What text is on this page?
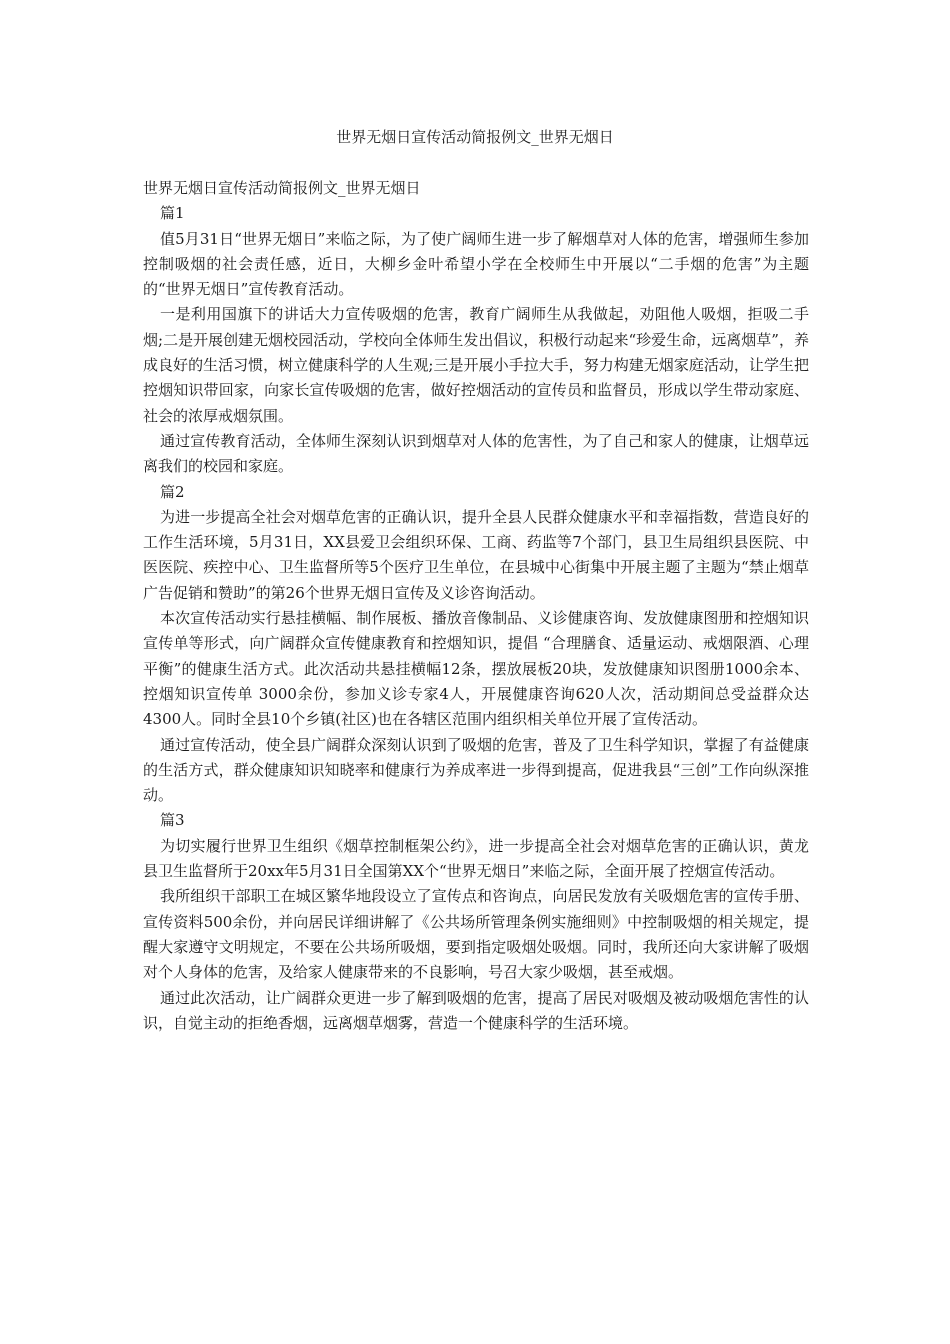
世界无烟日宣传活动简报例文_世界无烟日

世界无烟日宣传活动简报例文_世界无烟日

篇1

值5月31日“世界无烟日”来临之际，为了使广阔师生进一步了解烟草对人体的危害，增强师生参加控制吸烟的社会责任感，近日，大柳乡金叶希望小学在全校师生中开展以“二手烟的危害”为主题的“世界无烟日”宣传教育活动。

一是利用国旗下的讲话大力宣传吸烟的危害，教育广阔师生从我做起，劝阻他人吸烟，拒吸二手烟;二是开展创建无烟校园活动，学校向全体师生发出倡议，积极行动起来“珍爱生命，远离烟草”，养成良好的生活习惯，树立健康科学的人生观;三是开展小手拉大手，努力构建无烟家庭活动，让学生把控烟知识带回家，向家长宣传吸烟的危害，做好控烟活动的宣传员和监督员，形成以学生带动家庭、社会的浓厚戒烟氛围。

通过宣传教育活动，全体师生深刻认识到烟草对人体的危害性，为了自己和家人的健康，让烟草远离我们的校园和家庭。

篇2

为进一步提高全社会对烟草危害的正确认识，提升全县人民群众健康水平和幸福指数，营造良好的工作生活环境，5月31日，XX县爱卫会组织环保、工商、药监等7个部门，县卫生局组织县医院、中医医院、疾控中心、卫生监督所等5个医疗卫生单位，在县城中心街集中开展主题了主题为“禁止烟草广告促销和赞助”的第26个世界无烟日宣传及义诊咨询活动。

本次宣传活动实行悬挂横幅、制作展板、播放音像制品、义诊健康咨询、发放健康图册和控烟知识宣传单等形式，向广阔群众宣传健康教育和控烟知识，提倡 “合理膳食、适量运动、戒烟限酒、心理平衡”的健康生活方式。此次活动共悬挂横幅12条，摆放展板20块，发放健康知识图册1000余本、控烟知识宣传单 3000余份，参加义诊专家4人，开展健康咨询620人次，活动期间总受益群众达4300人。同时全县10个乡镇(社区)也在各辖区范围内组织相关单位开展了宣传活动。

通过宣传活动，使全县广阔群众深刻认识到了吸烟的危害，普及了卫生科学知识，掌握了有益健康的生活方式，群众健康知识知晓率和健康行为养成率进一步得到提高，促进我县“三创”工作向纵深推动。

篇3

为切实履行世界卫生组织《烟草控制框架公约》，进一步提高全社会对烟草危害的正确认识，黄龙县卫生监督所于20xx年5月31日全国第XX个“世界无烟日”来临之际，全面开展了控烟宣传活动。

我所组织干部职工在城区繁华地段设立了宣传点和咨询点，向居民发放有关吸烟危害的宣传手册、宣传资料500余份，并向居民详细讲解了《公共场所管理条例实施细则》中控制吸烟的相关规定，提醒大家遵守文明规定，不要在公共场所吸烟，要到指定吸烟处吸烟。同时，我所还向大家讲解了吸烟对个人身体的危害，及给家人健康带来的不良影响，号召大家少吸烟，甚至戒烟。

通过此次活动，让广阔群众更进一步了解到吸烟的危害，提高了居民对吸烟及被动吸烟危害性的认识，自觉主动的拒绝香烟，远离烟草烟雾，营造一个健康科学的生活环境。
